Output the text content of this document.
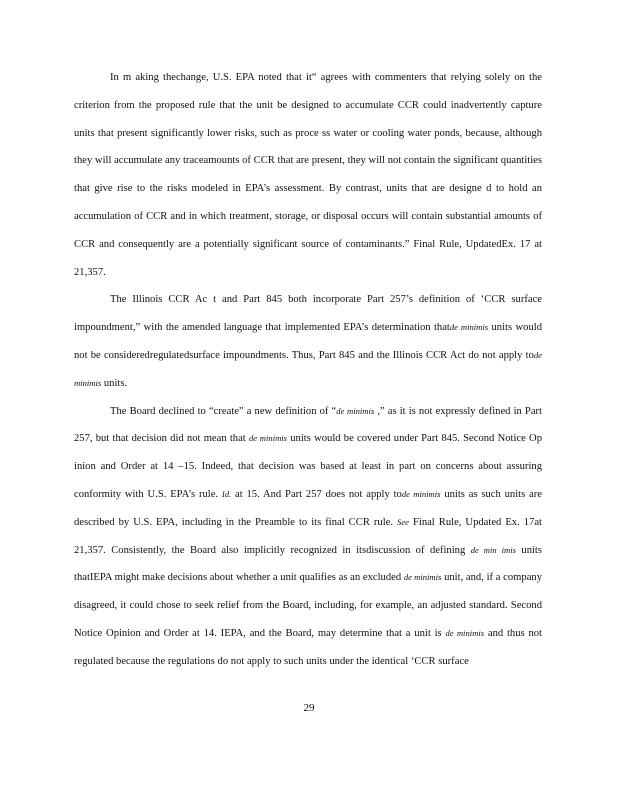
In m aking thechange, U.S. EPA noted that it“ agrees with commenters that relying solely on the criterion from the proposed rule that the unit be designed to accumulate CCR could inadvertently capture units that present significantly lower risks, such as proce ss water or cooling water ponds, because, although they will accumulate any traceamounts of CCR that are present, they will not contain the significant quantities that give rise to the risks modeled in EPA’s assessment. By contrast, units that are designe d to hold an accumulation of CCR and in which treatment, storage, or disposal occurs will contain substantial amounts of CCR and consequently are a potentially significant source of contaminants.” Final Rule, UpdatedEx. 17 at 21,357.

The Illinois CCR Ac t and Part 845 both incorporate Part 257’s definition of ‘CCR surface impoundment,” with the amended language that implemented EPA’s determination thatde minimis units would not be consideredregulatedsurface impoundments. Thus, Part 845 and the Illinois CCR Act do not apply tode minimis units.

The Board declined to “create” a new definition of “de minimis ,” as it is not expressly defined in Part 257, but that decision did not mean that de minimis units would be covered under Part 845. Second Notice Op inion and Order at 14 –15. Indeed, that decision was based at least in part on concerns about assuring conformity with U.S. EPA’s rule. Id. at 15. And Part 257 does not apply tode minimis units as such units are described by U.S. EPA, including in the Preamble to its final CCR rule. See Final Rule, Updated Ex. 17at 21,357. Consistently, the Board also implicitly recognized in itsdiscussion of defining de min imis units thatIEPA might make decisions about whether a unit qualifies as an excluded de minimis unit, and, if a company disagreed, it could chose to seek relief from the Board, including, for example, an adjusted standard. Second Notice Opinion and Order at 14. IEPA, and the Board, may determine that a unit is de minimis and thus not regulated because the regulations do not apply to such units under the identical ‘CCR surface

29
